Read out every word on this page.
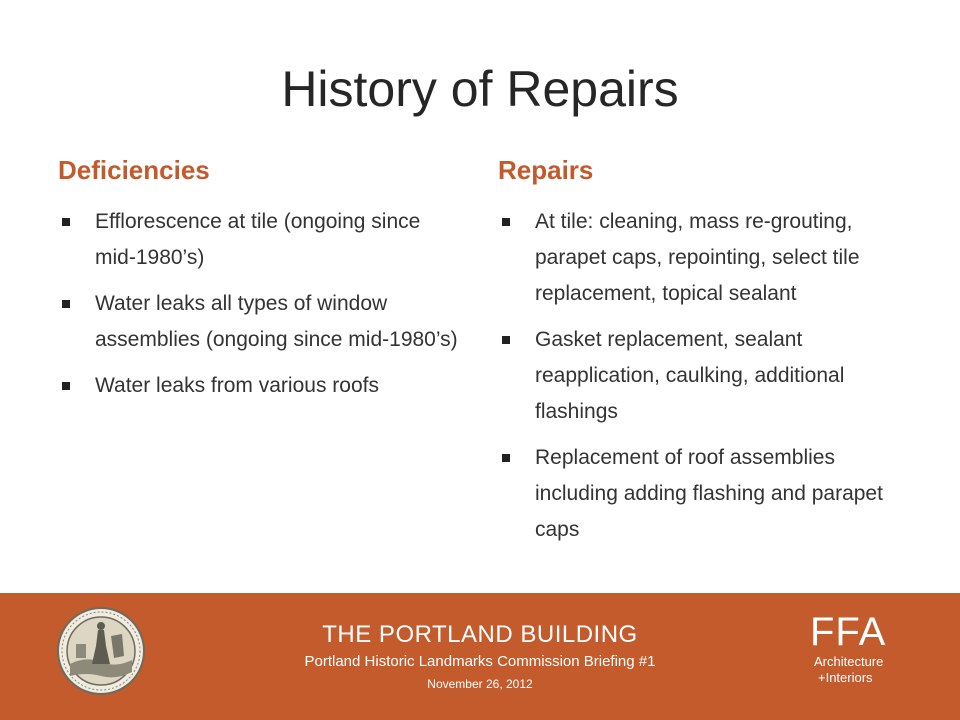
History of Repairs
Deficiencies
Efflorescence at tile (ongoing since mid-1980’s)
Water leaks all types of window assemblies (ongoing since mid-1980’s)
Water leaks from various roofs
Repairs
At tile: cleaning, mass re-grouting, parapet caps, repointing, select tile replacement, topical sealant
Gasket replacement, sealant reapplication, caulking, additional flashings
Replacement of roof assemblies including adding flashing and parapet caps
THE PORTLAND BUILDING
Portland Historic Landmarks Commission Briefing #1
November 26, 2012
FFA
Architecture
+Interiors
